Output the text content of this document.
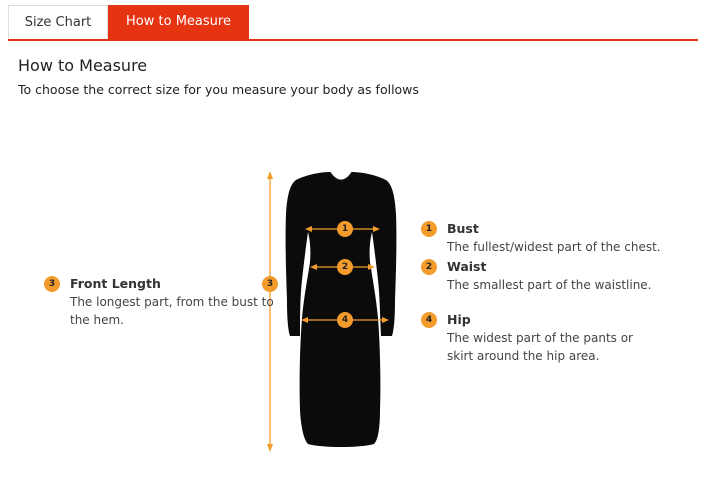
Size Chart	How to Measure
How to Measure
To choose the correct size for you measure your body as follows
1
2
3
4
1	Bust
The fullest/widest part of the chest.
2	Waist
The smallest part of the waistline.
3	Front Length
The longest part, from the bust to
the hem.	4	Hip
The widest part of the pants or
skirt around the hip area.
